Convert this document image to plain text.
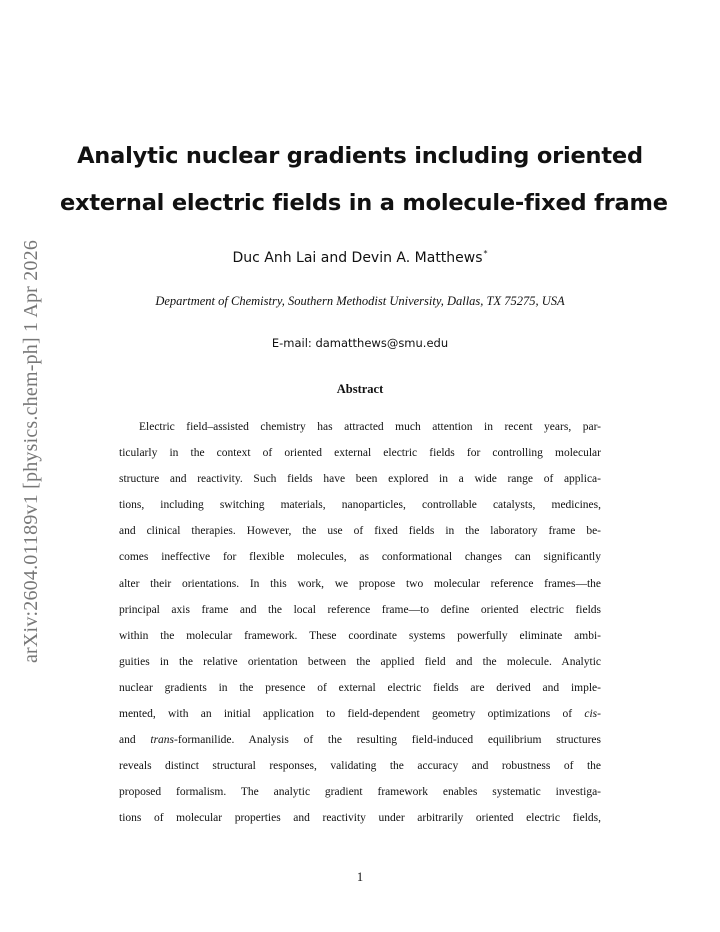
arXiv:2604.01189v1 [physics.chem-ph] 1 Apr 2026
Analytic nuclear gradients including oriented
external electric fields in a molecule-fixed frame
Duc Anh Lai and Devin A. Matthews*
Department of Chemistry, Southern Methodist University, Dallas, TX 75275, USA
E-mail: damatthews@smu.edu
Abstract
Electric field–assisted chemistry has attracted much attention in recent years, par-
ticularly in the context of oriented external electric fields for controlling molecular
structure and reactivity. Such fields have been explored in a wide range of applica-
tions, including switching materials, nanoparticles, controllable catalysts, medicines,
and clinical therapies. However, the use of fixed fields in the laboratory frame be-
comes ineffective for flexible molecules, as conformational changes can significantly
alter their orientations. In this work, we propose two molecular reference frames—the
principal axis frame and the local reference frame—to define oriented electric fields
within the molecular framework. These coordinate systems powerfully eliminate ambi-
guities in the relative orientation between the applied field and the molecule. Analytic
nuclear gradients in the presence of external electric fields are derived and imple-
mented, with an initial application to field-dependent geometry optimizations of cis-
and trans-formanilide. Analysis of the resulting field-induced equilibrium structures
reveals distinct structural responses, validating the accuracy and robustness of the
proposed formalism. The analytic gradient framework enables systematic investiga-
tions of molecular properties and reactivity under arbitrarily oriented electric fields,
1
